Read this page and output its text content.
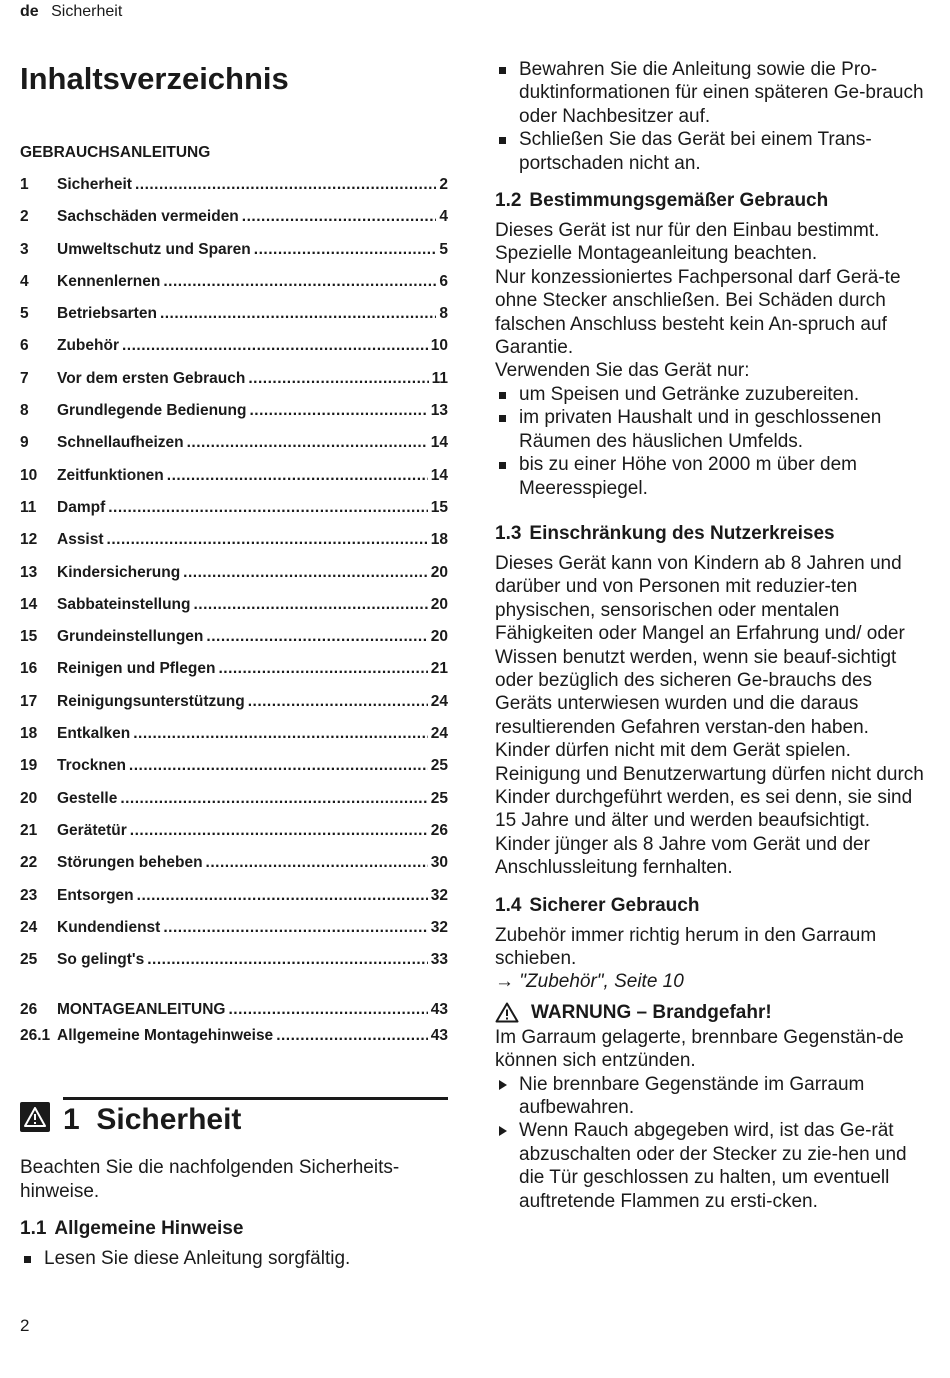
de Sicherheit
Inhaltsverzeichnis
GEBRAUCHSANLEITUNG
1	Sicherheit .....	2
2	Sachschäden vermeiden .....	4
3	Umweltschutz und Sparen .....	5
4	Kennenlernen .....	6
5	Betriebsarten .....	8
6	Zubehör .....	10
7	Vor dem ersten Gebrauch .....	11
8	Grundlegende Bedienung .....	13
9	Schnellaufheizen .....	14
10	Zeitfunktionen .....	14
11	Dampf .....	15
12	Assist .....	18
13	Kindersicherung .....	20
14	Sabbateinstellung .....	20
15	Grundeinstellungen .....	20
16	Reinigen und Pflegen .....	21
17	Reinigungsunterstützung .....	24
18	Entkalken .....	24
19	Trocknen .....	25
20	Gestelle .....	25
21	Gerätetür .....	26
22	Störungen beheben .....	30
23	Entsorgen .....	32
24	Kundendienst .....	32
25	So gelingt's .....	33
26	MONTAGEANLEITUNG .....	43
26.1 Allgemeine Montagehinweise .....	43
1 Sicherheit

Beachten Sie die nachfolgenden Sicherheits-hinweise.

1.1 Allgemeine Hinweise
Lesen Sie diese Anleitung sorgfältig.
Bewahren Sie die Anleitung sowie die Pro-duktinformationen für einen späteren Ge-brauch oder Nachbesitzer auf.
Schließen Sie das Gerät bei einem Trans-portschaden nicht an.
1.2 Bestimmungsgemäßer Gebrauch

Dieses Gerät ist nur für den Einbau bestimmt. Spezielle Montageanleitung beachten.

Nur konzessioniertes Fachpersonal darf Gerä-te ohne Stecker anschließen. Bei Schäden durch falschen Anschluss besteht kein An-spruch auf Garantie.

Verwenden Sie das Gerät nur:

um Speisen und Getränke zuzubereiten.
im privaten Haushalt und in geschlossenen Räumen des häuslichen Umfelds.
bis zu einer Höhe von 2000 m über dem Meeresspiegel.
1.3 Einschränkung des Nutzerkreises

Dieses Gerät kann von Kindern ab 8 Jahren und darüber und von Personen mit reduzier-ten physischen, sensorischen oder mentalen Fähigkeiten oder Mangel an Erfahrung und/ oder Wissen benutzt werden, wenn sie beauf-sichtigt oder bezüglich des sicheren Ge-brauchs des Geräts unterwiesen wurden und die daraus resultierenden Gefahren verstan-den haben.

Kinder dürfen nicht mit dem Gerät spielen.

Reinigung und Benutzerwartung dürfen nicht durch Kinder durchgeführt werden, es sei denn, sie sind 15 Jahre und älter und werden beaufsichtigt.

Kinder jünger als 8 Jahre vom Gerät und der Anschlussleitung fernhalten.

1.4 Sicherer Gebrauch

Zubehör immer richtig herum in den Garraum schieben.

→ "Zubehör", Seite 10

WARNUNG – Brandgefahr!

Im Garraum gelagerte, brennbare Gegenstän-de können sich entzünden.

Nie brennbare Gegenstände im Garraum aufbewahren.
Wenn Rauch abgegeben wird, ist das Ge-rät abzuschalten oder der Stecker zu zie-hen und die Tür geschlossen zu halten, um eventuell auftretende Flammen zu ersti-cken.
2
